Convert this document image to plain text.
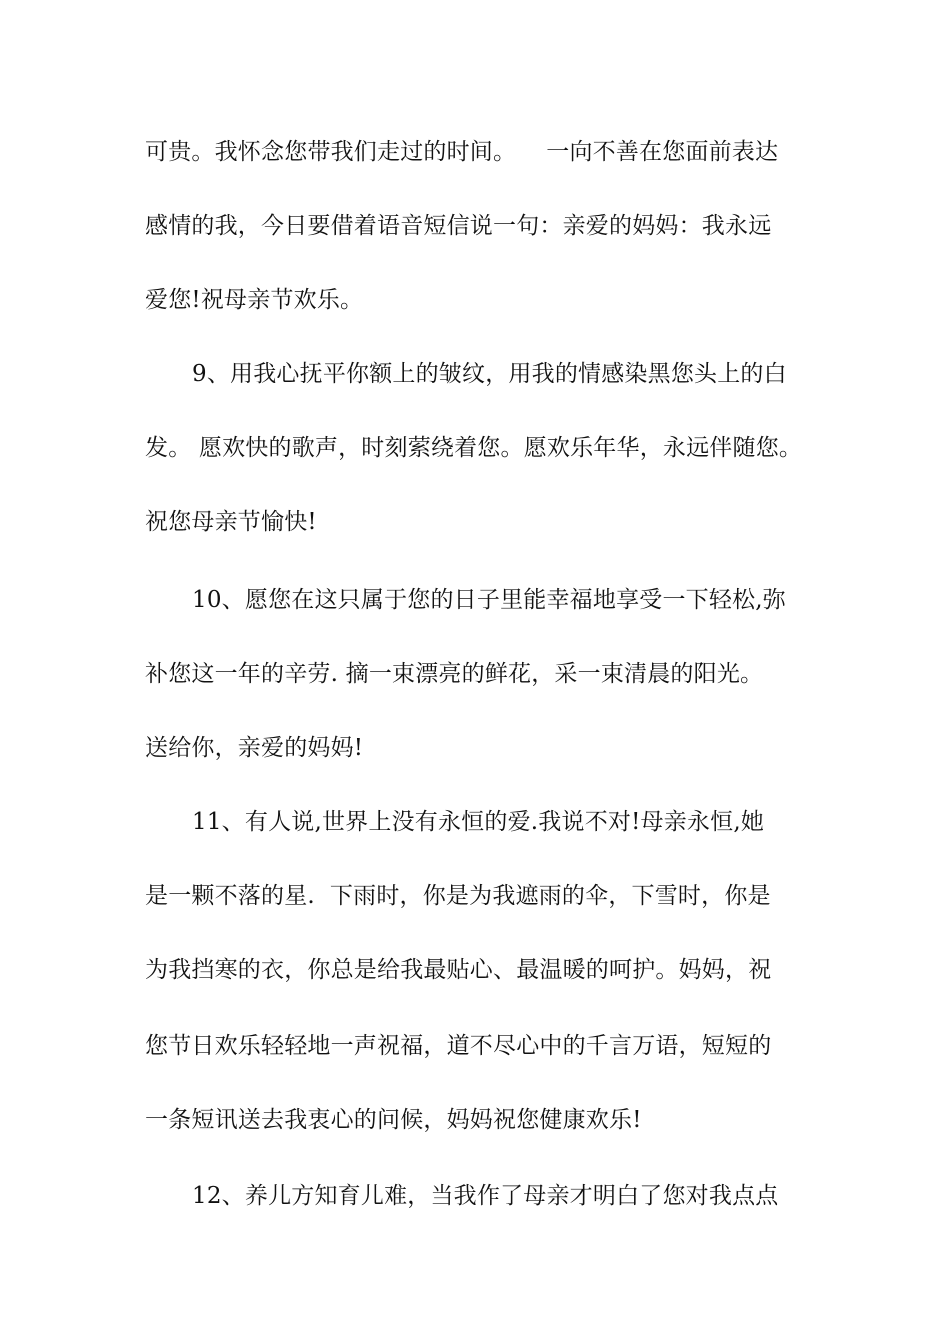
可贵。我怀念您带我们走过的时间。    一向不善在您面前表达
感情的我，今日要借着语音短信说一句：亲爱的妈妈：我永远
爱您!祝母亲节欢乐。
9、用我心抚平你额上的皱纹，用我的情感染黑您头上的白
发。 愿欢快的歌声，时刻萦绕着您。愿欢乐年华，永远伴随您。
祝您母亲节愉快!
10、愿您在这只属于您的日子里能幸福地享受一下轻松,弥
补您这一年的辛劳. 摘一束漂亮的鲜花，采一束清晨的阳光。
送给你，亲爱的妈妈!
11、有人说,世界上没有永恒的爱.我说不对!母亲永恒,她
是一颗不落的星.  下雨时，你是为我遮雨的伞，下雪时，你是
为我挡寒的衣，你总是给我最贴心、最温暖的呵护。妈妈，祝
您节日欢乐轻轻地一声祝福，道不尽心中的千言万语，短短的
一条短讯送去我衷心的问候，妈妈祝您健康欢乐!
12、养儿方知育儿难，当我作了母亲才明白了您对我点点
